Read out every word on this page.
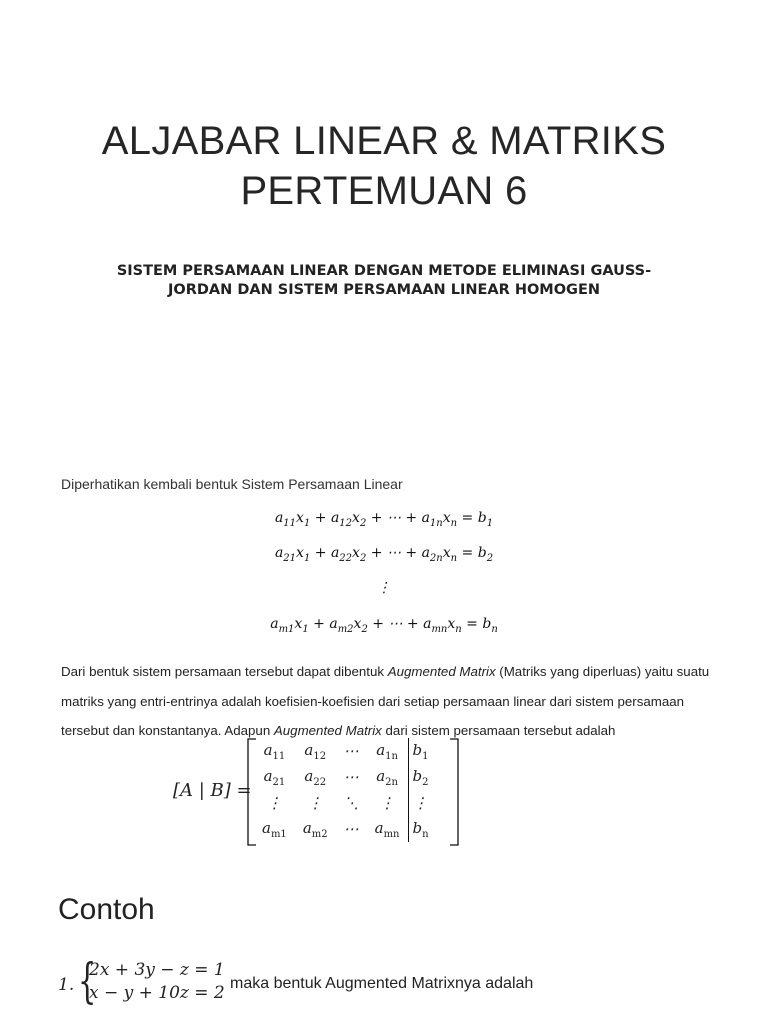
ALJABAR LINEAR & MATRIKS
PERTEMUAN 6
SISTEM PERSAMAAN LINEAR DENGAN METODE ELIMINASI GAUSS-
JORDAN DAN SISTEM PERSAMAAN LINEAR HOMOGEN
Diperhatikan kembali bentuk Sistem Persamaan Linear
$a_{11}x_1 + a_{12}x_2$ + ⋯ + $a_{1n}x_n = b_1$
$a_{21}x_1 + a_{22}x_2$ + ⋯ + $a_{2n}x_n = b_2$
⋮
$a_{m1}x_1 + a_{m2}x_2$ + ⋯ + $a_{mn}x_n = b_n$
Dari bentuk sistem persamaan tersebut dapat dibentuk Augmented Matrix (Matriks yang diperluas) yaitu suatu matriks yang entri-entrinya adalah koefisien-koefisien dari setiap persamaan linear dari sistem persamaan tersebut dan konstantanya. Adapun Augmented Matrix dari sistem persamaan tersebut adalah
[A | B] =
$a_{11}$	$a_{12}$	⋯	$a_{1n}$	$b_1$
$a_{21}$	$a_{22}$	⋯	$a_{2n}$	$b_2$
⋮	⋮	⋱	⋮	⋮
$a_{m1}$	$a_{m2}$	⋯	$a_{mn}$	$b_n$
Contoh
1. {
2x + 3y − z = 1
x − y + 10z = 2 maka bentuk Augmented Matrixnya adalah
